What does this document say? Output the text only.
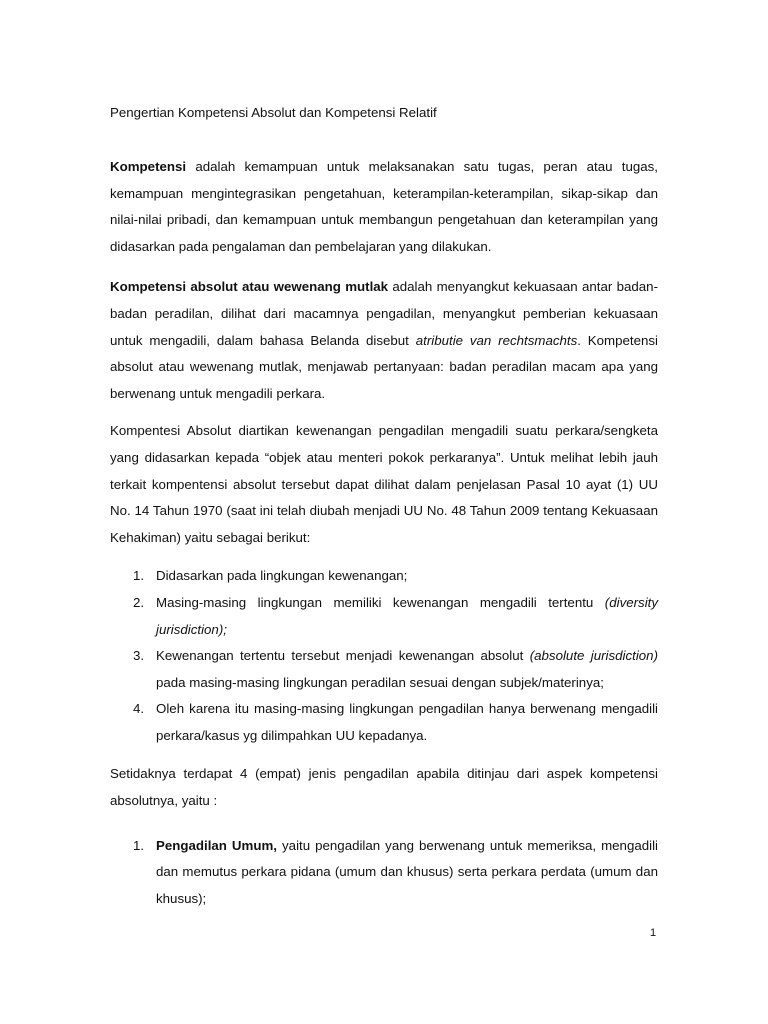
Pengertian Kompetensi Absolut dan Kompetensi Relatif

Kompetensi adalah kemampuan untuk melaksanakan satu tugas, peran atau tugas, kemampuan mengintegrasikan pengetahuan, keterampilan-keterampilan, sikap-sikap dan nilai-nilai pribadi, dan kemampuan untuk membangun pengetahuan dan keterampilan yang didasarkan pada pengalaman dan pembelajaran yang dilakukan.

Kompetensi absolut atau wewenang mutlak adalah menyangkut kekuasaan antar badan-badan peradilan, dilihat dari macamnya pengadilan, menyangkut pemberian kekuasaan untuk mengadili, dalam bahasa Belanda disebut atributie van rechtsmachts. Kompetensi absolut atau wewenang mutlak, menjawab pertanyaan: badan peradilan macam apa yang berwenang untuk mengadili perkara.

Kompentesi Absolut diartikan kewenangan pengadilan mengadili suatu perkara/sengketa yang didasarkan kepada “objek atau menteri pokok perkaranya”. Untuk melihat lebih jauh terkait kompentensi absolut tersebut dapat dilihat dalam penjelasan Pasal 10 ayat (1) UU No. 14 Tahun 1970 (saat ini telah diubah menjadi UU No. 48 Tahun 2009 tentang Kekuasaan Kehakiman) yaitu sebagai berikut:

1. Didasarkan pada lingkungan kewenangan;
2. Masing-masing lingkungan memiliki kewenangan mengadili tertentu (diversity jurisdiction);
3. Kewenangan tertentu tersebut menjadi kewenangan absolut (absolute jurisdiction) pada masing-masing lingkungan peradilan sesuai dengan subjek/materinya;
4. Oleh karena itu masing-masing lingkungan pengadilan hanya berwenang mengadili perkara/kasus yg dilimpahkan UU kepadanya.

Setidaknya terdapat 4 (empat) jenis pengadilan apabila ditinjau dari aspek kompetensi absolutnya, yaitu :

1. Pengadilan Umum, yaitu pengadilan yang berwenang untuk memeriksa, mengadili dan memutus perkara pidana (umum dan khusus) serta perkara perdata (umum dan khusus);
1
